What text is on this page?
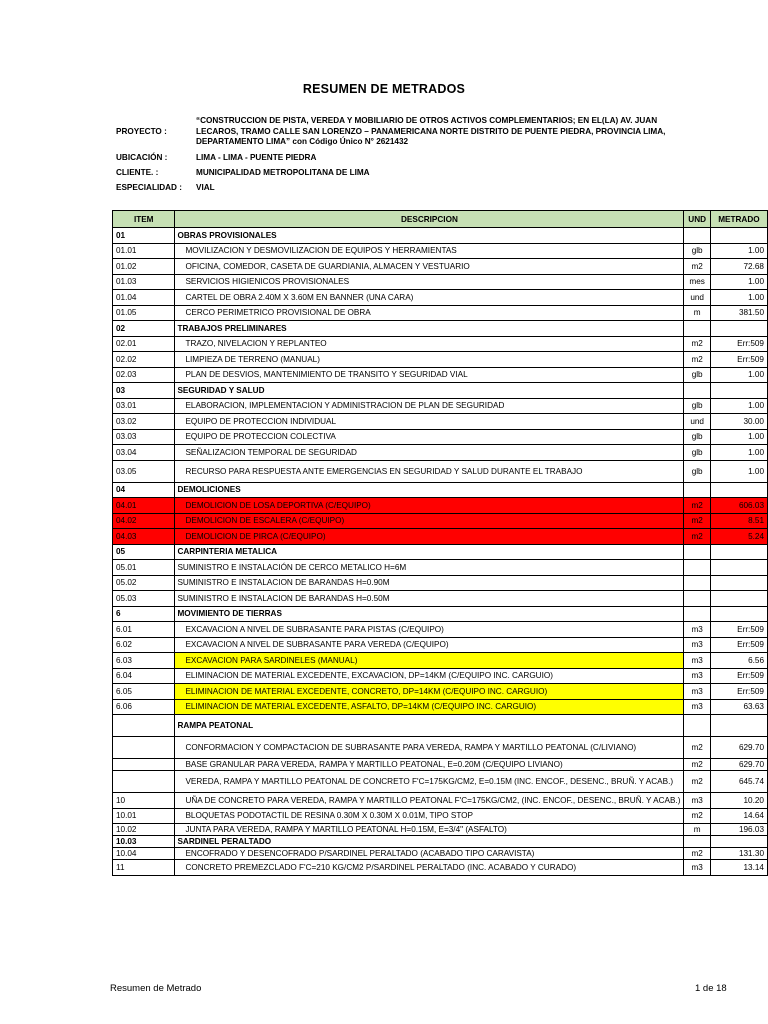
RESUMEN DE METRADOS
PROYECTO :
“CONSTRUCCION DE PISTA, VEREDA Y MOBILIARIO DE OTROS ACTIVOS COMPLEMENTARIOS; EN EL(LA) AV. JUAN LECAROS, TRAMO CALLE SAN LORENZO – PANAMERICANA NORTE DISTRITO DE PUENTE PIEDRA, PROVINCIA LIMA, DEPARTAMENTO LIMA” con Código Único N° 2621432
UBICACIÓN :	LIMA - LIMA - PUENTE PIEDRA
CLIENTE. :	MUNICIPALIDAD METROPOLITANA DE LIMA
ESPECIALIDAD : VIAL
ITEM	DESCRIPCION	UND	METRADO
01	OBRAS PROVISIONALES		
01.01	MOVILIZACION Y DESMOVILIZACION DE EQUIPOS Y HERRAMIENTAS	glb	1.00
01.02	OFICINA, COMEDOR, CASETA DE GUARDIANIA, ALMACEN Y VESTUARIO	m2	72.68
01.03	SERVICIOS HIGIENICOS PROVISIONALES	mes	1.00
01.04	CARTEL DE OBRA 2.40M X 3.60M EN BANNER (UNA CARA)	und	1.00
01.05	CERCO PERIMETRICO PROVISIONAL DE OBRA	m	381.50
02	TRABAJOS PRELIMINARES		
02.01	TRAZO, NIVELACION Y REPLANTEO	m2	Err:509
02.02	LIMPIEZA DE TERRENO (MANUAL)	m2	Err:509
02.03	PLAN DE DESVIOS, MANTENIMIENTO DE TRANSITO Y SEGURIDAD VIAL	glb	1.00
03	SEGURIDAD Y SALUD		
03.01	ELABORACION, IMPLEMENTACION Y ADMINISTRACION DE PLAN DE SEGURIDAD	glb	1.00
03.02	EQUIPO DE PROTECCION INDIVIDUAL	und	30.00
03.03	EQUIPO DE PROTECCION COLECTIVA	glb	1.00
03.04	SEÑALIZACION TEMPORAL DE SEGURIDAD	glb	1.00
03.05	RECURSO PARA RESPUESTA ANTE EMERGENCIAS EN SEGURIDAD Y SALUD DURANTE EL TRABAJO	glb	1.00
04	DEMOLICIONES		
04.01	DEMOLICION DE LOSA DEPORTIVA (C/EQUIPO)	m2	606.03
04.02	DEMOLICION DE ESCALERA (C/EQUIPO)	m2	8.51
04.03	DEMOLICION DE PIRCA (C/EQUIPO)	m2	5.24
05	CARPINTERIA METALICA		
05.01	SUMINISTRO E INSTALACIÓN DE CERCO METALICO H=6M		
05.02	SUMINISTRO E INSTALACION DE BARANDAS H=0.90M		
05.03	SUMINISTRO E INSTALACION DE BARANDAS H=0.50M		
6	MOVIMIENTO DE TIERRAS		
6.01	EXCAVACION A NIVEL DE SUBRASANTE PARA PISTAS (C/EQUIPO)	m3	Err:509
6.02	EXCAVACION A NIVEL DE SUBRASANTE PARA VEREDA (C/EQUIPO)	m3	Err:509
6.03	EXCAVACION PARA SARDINELES (MANUAL)	m3	6.56
6.04	ELIMINACION DE MATERIAL EXCEDENTE, EXCAVACION, DP=14KM (C/EQUIPO INC. CARGUIO)	m3	Err:509
6.05	ELIMINACION DE MATERIAL EXCEDENTE, CONCRETO, DP=14KM (C/EQUIPO INC. CARGUIO)	m3	Err:509
6.06	ELIMINACION DE MATERIAL EXCEDENTE, ASFALTO, DP=14KM (C/EQUIPO INC. CARGUIO)	m3	63.63
	RAMPA PEATONAL		
	CONFORMACION Y COMPACTACION DE SUBRASANTE PARA VEREDA, RAMPA Y MARTILLO PEATONAL (C/LIVIANO)	m2	629.70
	BASE GRANULAR PARA VEREDA, RAMPA Y MARTILLO PEATONAL, E=0.20M (C/EQUIPO LIVIANO)	m2	629.70
	VEREDA, RAMPA Y MARTILLO PEATONAL DE CONCRETO F'C=175KG/CM2, E=0.15M (INC. ENCOF., DESENC., BRUÑ. Y ACAB.)	m2	645.74
10	UÑA DE CONCRETO PARA VEREDA, RAMPA Y MARTILLO PEATONAL F'C=175KG/CM2, (INC. ENCOF., DESENC., BRUÑ. Y ACAB.)	m3	10.20
10.01	BLOQUETAS PODOTACTIL DE RESINA 0.30M X 0.30M X 0.01M, TIPO STOP	m2	14.64
10.02	JUNTA PARA VEREDA, RAMPA Y MARTILLO PEATONAL H=0.15M, E=3/4" (ASFALTO)	m	196.03
10.03	SARDINEL PERALTADO		
10.04	ENCOFRADO Y DESENCOFRADO P/SARDINEL PERALTADO (ACABADO TIPO CARAVISTA)	m2	131.30
11	CONCRETO PREMEZCLADO F'C=210 KG/CM2 P/SARDINEL PERALTADO (INC. ACABADO Y CURADO)	m3	13.14
Resumen de Metrado	1 de 18
